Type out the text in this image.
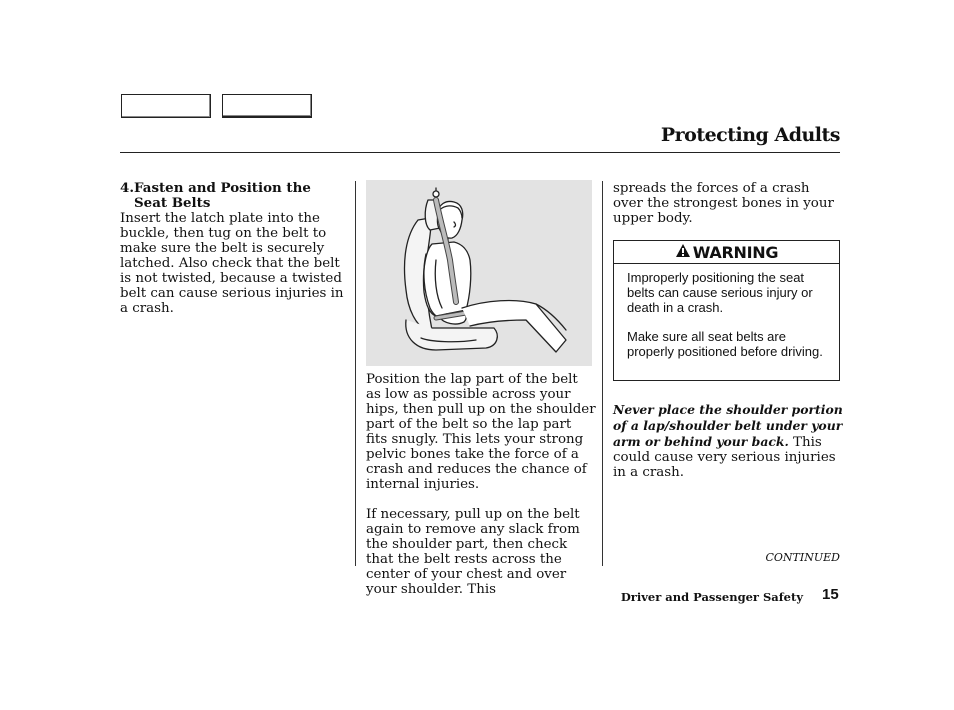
Protecting Adults
4. Fasten and Position the Seat Belts

Insert the latch plate into the buckle, then tug on the belt to make sure the belt is securely latched. Also check that the belt is not twisted, because a twisted belt can cause serious injuries in a crash.

Position the lap part of the belt as low as possible across your hips, then pull up on the shoulder part of the belt so the lap part fits snugly. This lets your strong pelvic bones take the force of a crash and reduces the chance of internal injuries.

If necessary, pull up on the belt again to remove any slack from the shoulder part, then check that the belt rests across the center of your chest and over your shoulder. This

spreads the forces of a crash over the strongest bones in your upper body.

WARNING

Improperly positioning the seat belts can cause serious injury or death in a crash.

Make sure all seat belts are properly positioned before driving.

Never place the shoulder portion of a lap/shoulder belt under your arm or behind your back. This could cause very serious injuries in a crash.
CONTINUED
Driver and Passenger Safety 15
